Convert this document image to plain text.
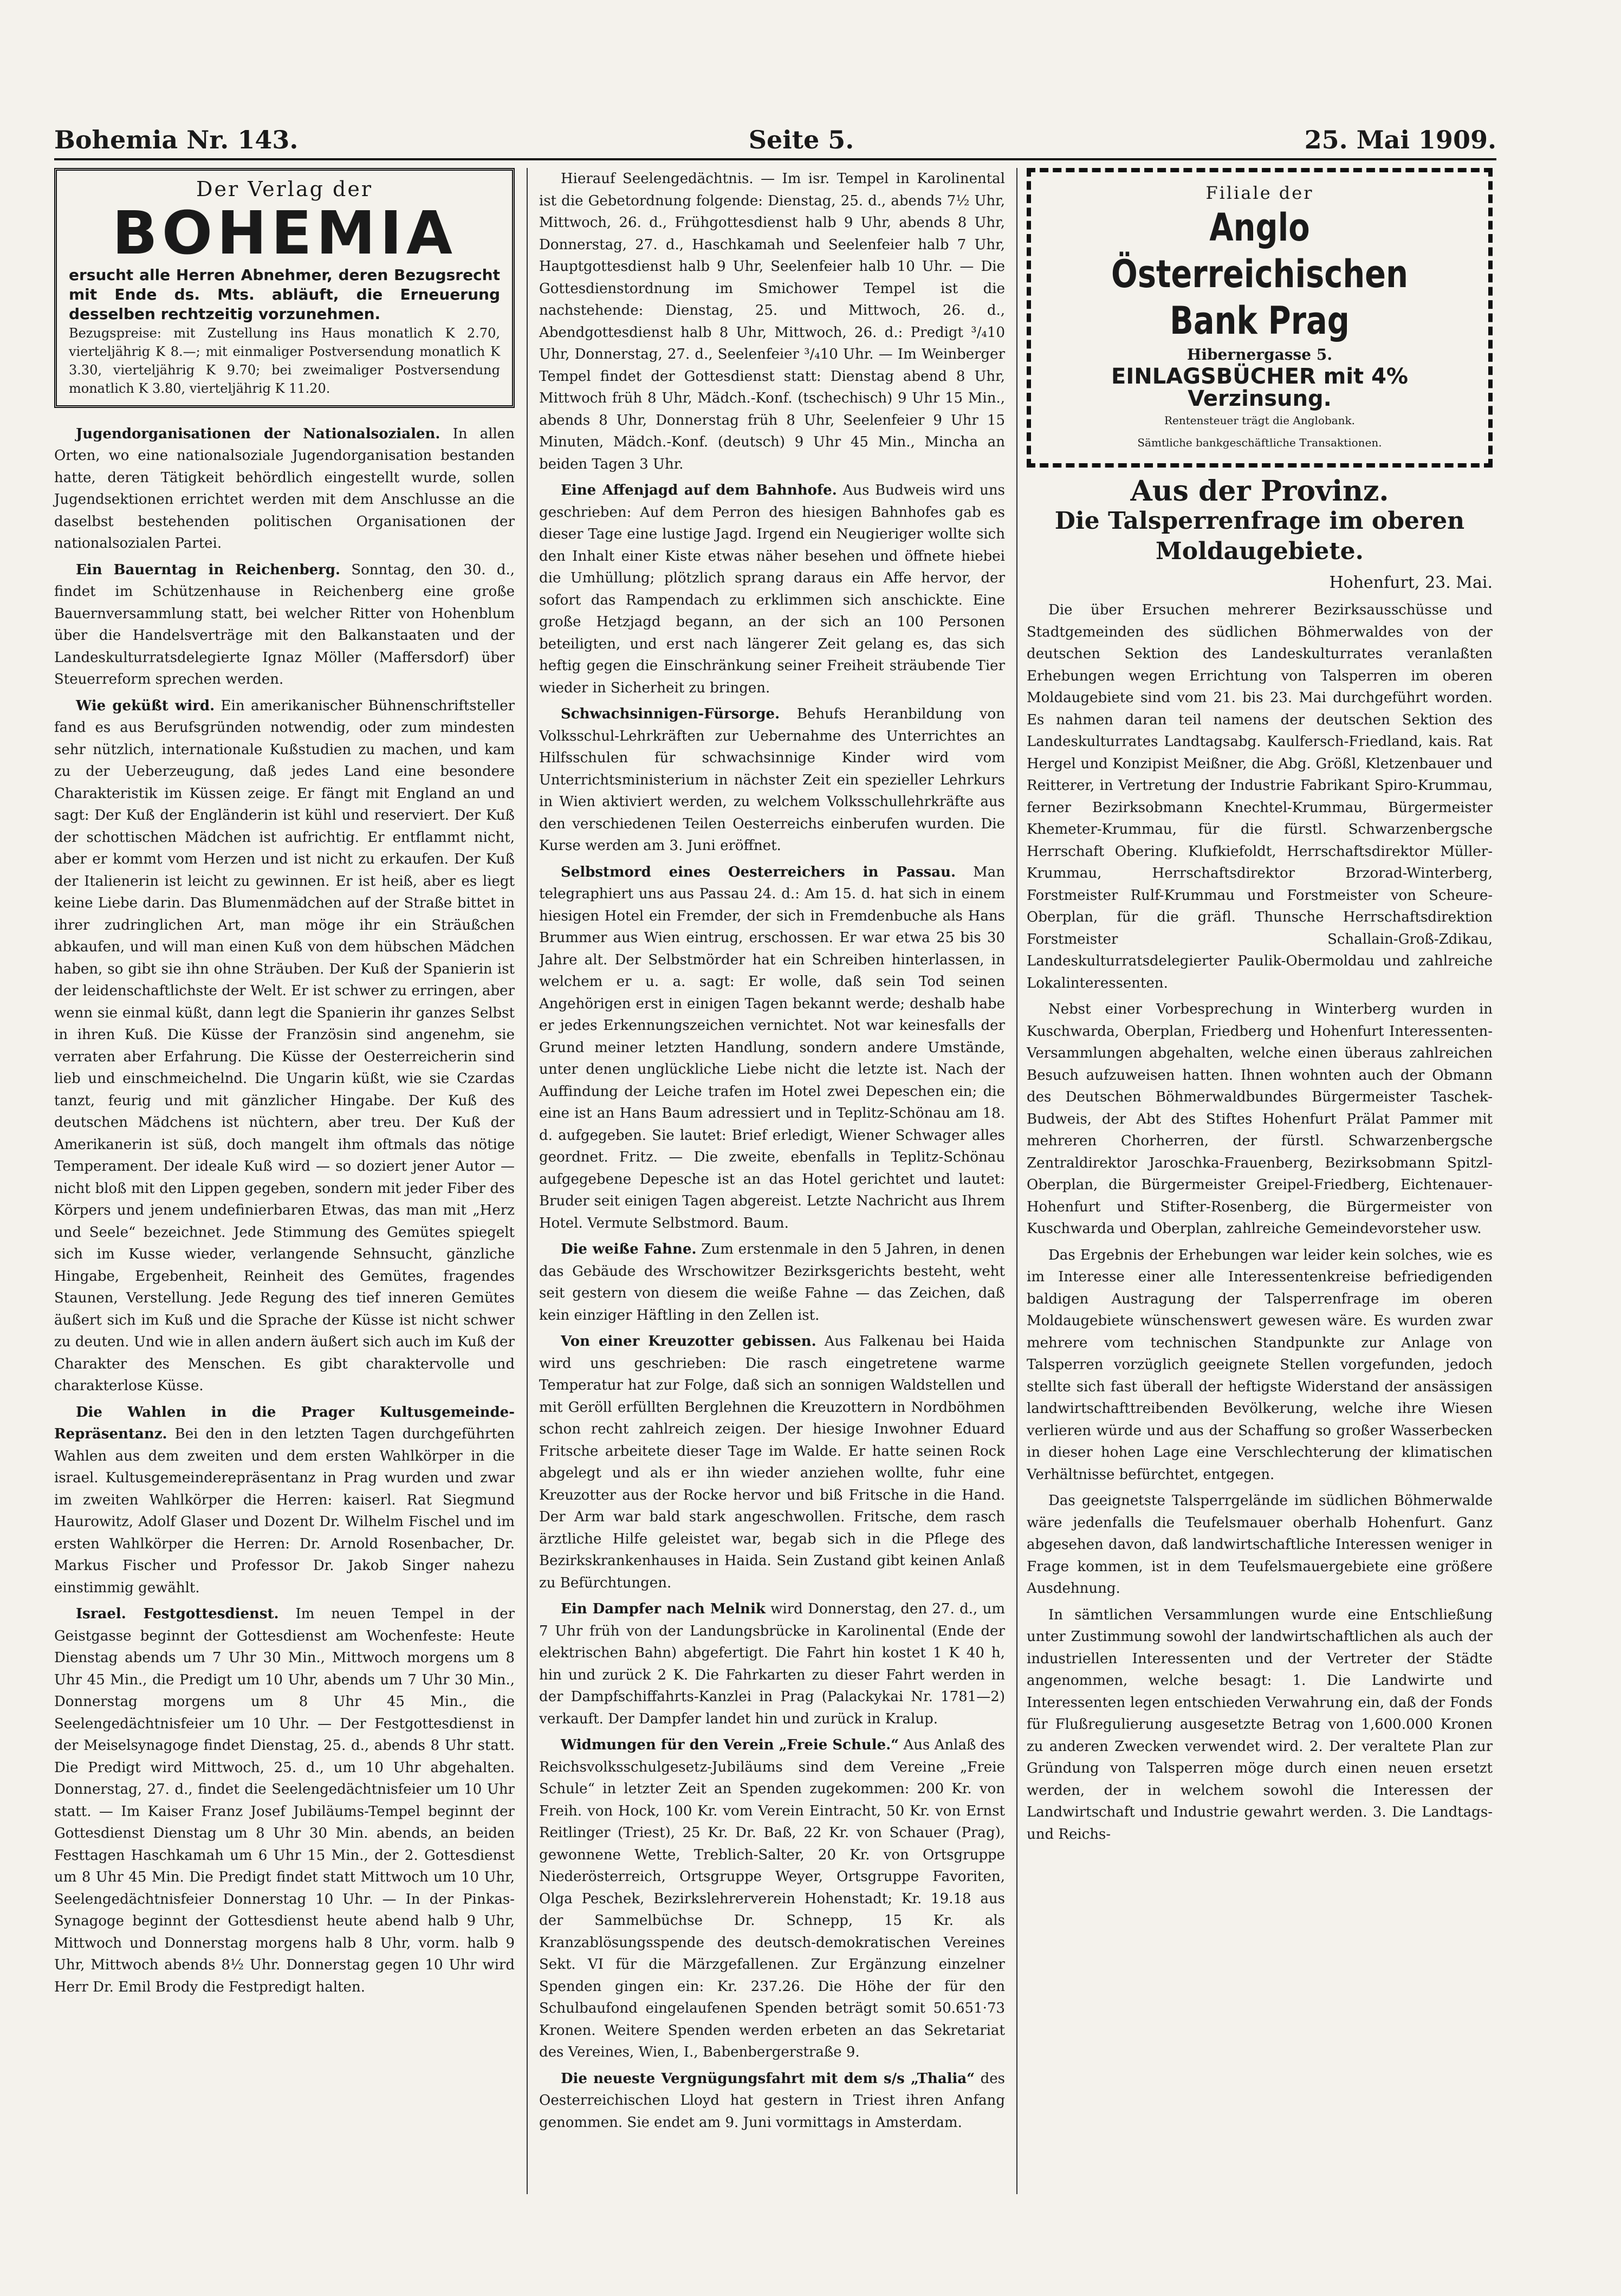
Bohemia Nr. 143.	Seite 5.	25. Mai 1909.
Der Verlag der
BOHEMIA
ersucht alle Herren Abnehmer, deren Bezugsrecht mit Ende ds. Mts. abläuft, die Erneuerung desselben rechtzeitig vorzunehmen.
Bezugspreise: mit Zustellung ins Haus monatlich K 2.70, vierteljährig K 8.—; mit einmaliger Postversendung monatlich K 3.30, vierteljährig K 9.70; bei zweimaliger Postversendung monatlich K 3.80, vierteljährig K 11.20.

Jugendorganisationen der Nationalsozialen. In allen Orten, wo eine nationalsoziale Jugendorganisation bestanden hatte, deren Tätigkeit behördlich eingestellt wurde, sollen Jugendsektionen errichtet werden mit dem Anschlusse an die daselbst bestehenden politischen Organisationen der nationalsozialen Partei.

Ein Bauerntag in Reichenberg. Sonntag, den 30. d., findet im Schützenhause in Reichenberg eine große Bauernversammlung statt, bei welcher Ritter von Hohenblum über die Handelsverträge mit den Balkanstaaten und der Landeskulturratsdelegierte Ignaz Möller (Maffersdorf) über Steuerreform sprechen werden.

Wie geküßt wird. Ein amerikanischer Bühnenschriftsteller fand es aus Berufsgründen notwendig, oder zum mindesten sehr nützlich, internationale Kußstudien zu machen, und kam zu der Ueberzeugung, daß jedes Land eine besondere Charakteristik im Küssen zeige. Er fängt mit England an und sagt: Der Kuß der Engländerin ist kühl und reserviert. Der Kuß der schottischen Mädchen ist aufrichtig. Er entflammt nicht, aber er kommt vom Herzen und ist nicht zu erkaufen. Der Kuß der Italienerin ist leicht zu gewinnen. Er ist heiß, aber es liegt keine Liebe darin. Das Blumenmädchen auf der Straße bittet in ihrer zudringlichen Art, man möge ihr ein Sträußchen abkaufen, und will man einen Kuß von dem hübschen Mädchen haben, so gibt sie ihn ohne Sträuben. Der Kuß der Spanierin ist der leidenschaftlichste der Welt. Er ist schwer zu erringen, aber wenn sie einmal küßt, dann legt die Spanierin ihr ganzes Selbst in ihren Kuß. Die Küsse der Französin sind angenehm, sie verraten aber Erfahrung. Die Küsse der Oesterreicherin sind lieb und einschmeichelnd. Die Ungarin küßt, wie sie Czardas tanzt, feurig und mit gänzlicher Hingabe. Der Kuß des deutschen Mädchens ist nüchtern, aber treu. Der Kuß der Amerikanerin ist süß, doch mangelt ihm oftmals das nötige Temperament. Der ideale Kuß wird — so doziert jener Autor — nicht bloß mit den Lippen gegeben, sondern mit jeder Fiber des Körpers und jenem undefinierbaren Etwas, das man mit „Herz und Seele“ bezeichnet. Jede Stimmung des Gemütes spiegelt sich im Kusse wieder, verlangende Sehnsucht, gänzliche Hingabe, Ergebenheit, Reinheit des Gemütes, fragendes Staunen, Verstellung. Jede Regung des tief inneren Gemütes äußert sich im Kuß und die Sprache der Küsse ist nicht schwer zu deuten. Und wie in allen andern äußert sich auch im Kuß der Charakter des Menschen. Es gibt charaktervolle und charakterlose Küsse.

Die Wahlen in die Prager Kultusgemeinde-Repräsentanz. Bei den in den letzten Tagen durchgeführten Wahlen aus dem zweiten und dem ersten Wahlkörper in die israel. Kultusgemeinderepräsentanz in Prag wurden und zwar im zweiten Wahlkörper die Herren: kaiserl. Rat Siegmund Haurowitz, Adolf Glaser und Dozent Dr. Wilhelm Fischel und im ersten Wahlkörper die Herren: Dr. Arnold Rosenbacher, Dr. Markus Fischer und Professor Dr. Jakob Singer nahezu einstimmig gewählt.

Israel. Festgottesdienst. Im neuen Tempel in der Geistgasse beginnt der Gottesdienst am Wochenfeste: Heute Dienstag abends um 7 Uhr 30 Min., Mittwoch morgens um 8 Uhr 45 Min., die Predigt um 10 Uhr, abends um 7 Uhr 30 Min., Donnerstag morgens um 8 Uhr 45 Min., die Seelengedächtnisfeier um 10 Uhr. — Der Festgottesdienst in der Meiselsynagoge findet Dienstag, 25. d., abends 8 Uhr statt. Die Predigt wird Mittwoch, 25. d., um 10 Uhr abgehalten. Donnerstag, 27. d., findet die Seelengedächtnisfeier um 10 Uhr statt. — Im Kaiser Franz Josef Jubiläums-Tempel beginnt der Gottesdienst Dienstag um 8 Uhr 30 Min. abends, an beiden Festtagen Haschkamah um 6 Uhr 15 Min., der 2. Gottesdienst um 8 Uhr 45 Min. Die Predigt findet statt Mittwoch um 10 Uhr, Seelengedächtnisfeier Donnerstag 10 Uhr. — In der Pinkas-Synagoge beginnt der Gottesdienst heute abend halb 9 Uhr, Mittwoch und Donnerstag morgens halb 8 Uhr, vorm. halb 9 Uhr, Mittwoch abends 8½ Uhr. Donnerstag gegen 10 Uhr wird Herr Dr. Emil Brody die Festpredigt halten.

Hierauf Seelengedächtnis. — Im isr. Tempel in Karolinental ist die Gebetordnung folgende: Dienstag, 25. d., abends 7½ Uhr, Mittwoch, 26. d., Frühgottesdienst halb 9 Uhr, abends 8 Uhr, Donnerstag, 27. d., Haschkamah und Seelenfeier halb 7 Uhr, Hauptgottesdienst halb 9 Uhr, Seelenfeier halb 10 Uhr. — Die Gottesdienstordnung im Smichower Tempel ist die nachstehende: Dienstag, 25. und Mittwoch, 26. d., Abendgottesdienst halb 8 Uhr, Mittwoch, 26. d.: Predigt ³/₄10 Uhr, Donnerstag, 27. d., Seelenfeier ³/₄10 Uhr. — Im Weinberger Tempel findet der Gottesdienst statt: Dienstag abend 8 Uhr, Mittwoch früh 8 Uhr, Mädch.-Konf. (tschechisch) 9 Uhr 15 Min., abends 8 Uhr, Donnerstag früh 8 Uhr, Seelenfeier 9 Uhr 15 Minuten, Mädch.-Konf. (deutsch) 9 Uhr 45 Min., Mincha an beiden Tagen 3 Uhr.

Eine Affenjagd auf dem Bahnhofe. Aus Budweis wird uns geschrieben: Auf dem Perron des hiesigen Bahnhofes gab es dieser Tage eine lustige Jagd. Irgend ein Neugieriger wollte sich den Inhalt einer Kiste etwas näher besehen und öffnete hiebei die Umhüllung; plötzlich sprang daraus ein Affe hervor, der sofort das Rampendach zu erklimmen sich anschickte. Eine große Hetzjagd begann, an der sich an 100 Personen beteiligten, und erst nach längerer Zeit gelang es, das sich heftig gegen die Einschränkung seiner Freiheit sträubende Tier wieder in Sicherheit zu bringen.

Schwachsinnigen-Fürsorge. Behufs Heranbildung von Volksschul-Lehrkräften zur Uebernahme des Unterrichtes an Hilfsschulen für schwachsinnige Kinder wird vom Unterrichtsministerium in nächster Zeit ein spezieller Lehrkurs in Wien aktiviert werden, zu welchem Volksschullehrkräfte aus den verschiedenen Teilen Oesterreichs einberufen wurden. Die Kurse werden am 3. Juni eröffnet.

Selbstmord eines Oesterreichers in Passau. Man telegraphiert uns aus Passau 24. d.: Am 15. d. hat sich in einem hiesigen Hotel ein Fremder, der sich in Fremdenbuche als Hans Brummer aus Wien eintrug, erschossen. Er war etwa 25 bis 30 Jahre alt. Der Selbstmörder hat ein Schreiben hinterlassen, in welchem er u. a. sagt: Er wolle, daß sein Tod seinen Angehörigen erst in einigen Tagen bekannt werde; deshalb habe er jedes Erkennungszeichen vernichtet. Not war keinesfalls der Grund meiner letzten Handlung, sondern andere Umstände, unter denen unglückliche Liebe nicht die letzte ist. Nach der Auffindung der Leiche trafen im Hotel zwei Depeschen ein; die eine ist an Hans Baum adressiert und in Teplitz-Schönau am 18. d. aufgegeben. Sie lautet: Brief erledigt, Wiener Schwager alles geordnet. Fritz. — Die zweite, ebenfalls in Teplitz-Schönau aufgegebene Depesche ist an das Hotel gerichtet und lautet: Bruder seit einigen Tagen abgereist. Letzte Nachricht aus Ihrem Hotel. Vermute Selbstmord. Baum.

Die weiße Fahne. Zum erstenmale in den 5 Jahren, in denen das Gebäude des Wrschowitzer Bezirksgerichts besteht, weht seit gestern von diesem die weiße Fahne — das Zeichen, daß kein einziger Häftling in den Zellen ist.

Von einer Kreuzotter gebissen. Aus Falkenau bei Haida wird uns geschrieben: Die rasch eingetretene warme Temperatur hat zur Folge, daß sich an sonnigen Waldstellen und mit Geröll erfüllten Berglehnen die Kreuzottern in Nordböhmen schon recht zahlreich zeigen. Der hiesige Inwohner Eduard Fritsche arbeitete dieser Tage im Walde. Er hatte seinen Rock abgelegt und als er ihn wieder anziehen wollte, fuhr eine Kreuzotter aus der Rocke hervor und biß Fritsche in die Hand. Der Arm war bald stark angeschwollen. Fritsche, dem rasch ärztliche Hilfe geleistet war, begab sich in die Pflege des Bezirkskrankenhauses in Haida. Sein Zustand gibt keinen Anlaß zu Befürchtungen.

Ein Dampfer nach Melnik wird Donnerstag, den 27. d., um 7 Uhr früh von der Landungsbrücke in Karolinental (Ende der elektrischen Bahn) abgefertigt. Die Fahrt hin kostet 1 K 40 h, hin und zurück 2 K. Die Fahrkarten zu dieser Fahrt werden in der Dampfschiffahrts-Kanzlei in Prag (Palackykai Nr. 1781—2) verkauft. Der Dampfer landet hin und zurück in Kralup.

Widmungen für den Verein „Freie Schule.“ Aus Anlaß des Reichsvolksschulgesetz-Jubiläums sind dem Vereine „Freie Schule“ in letzter Zeit an Spenden zugekommen: 200 Kr. von Freih. von Hock, 100 Kr. vom Verein Eintracht, 50 Kr. von Ernst Reitlinger (Triest), 25 Kr. Dr. Baß, 22 Kr. von Schauer (Prag), gewonnene Wette, Treblich-Salter, 20 Kr. von Ortsgruppe Niederösterreich, Ortsgruppe Weyer, Ortsgruppe Favoriten, Olga Peschek, Bezirkslehrerverein Hohenstadt; Kr. 19.18 aus der Sammelbüchse Dr. Schnepp, 15 Kr. als Kranzablösungsspende des deutsch-demokratischen Vereines Sekt. VI für die Märzgefallenen. Zur Ergänzung einzelner Spenden gingen ein: Kr. 237.26. Die Höhe der für den Schulbaufond eingelaufenen Spenden beträgt somit 50.651·73 Kronen. Weitere Spenden werden erbeten an das Sekretariat des Vereines, Wien, I., Babenbergerstraße 9.

Die neueste Vergnügungsfahrt mit dem s/s „Thalia“ des Oesterreichischen Lloyd hat gestern in Triest ihren Anfang genommen. Sie endet am 9. Juni vormittags in Amsterdam.

Filiale der
Anglo Österreichischen Bank Prag
Hibernergasse 5.
EINLAGSBÜCHER mit 4% Verzinsung.
Rentensteuer trägt die Anglobank.
Sämtliche bankgeschäftliche Transaktionen.
Aus der Provinz.
Die Talsperrenfrage im oberen Moldaugebiete.
Hohenfurt, 23. Mai.

Die über Ersuchen mehrerer Bezirksausschüsse und Stadtgemeinden des südlichen Böhmerwaldes von der deutschen Sektion des Landeskulturrates veranlaßten Erhebungen wegen Errichtung von Talsperren im oberen Moldaugebiete sind vom 21. bis 23. Mai durchgeführt worden. Es nahmen daran teil namens der deutschen Sektion des Landeskulturrates Landtagsabg. Kaulfersch-Friedland, kais. Rat Hergel und Konzipist Meißner, die Abg. Größl, Kletzenbauer und Reitterer, in Vertretung der Industrie Fabrikant Spiro-Krummau, ferner Bezirksobmann Knechtel-Krummau, Bürgermeister Khemeter-Krummau, für die fürstl. Schwarzenbergsche Herrschaft Obering. Klufkiefoldt, Herrschaftsdirektor Müller-Krummau, Herrschaftsdirektor Brzorad-Winterberg, Forstmeister Rulf-Krummau und Forstmeister von Scheure-Oberplan, für die gräfl. Thunsche Herrschaftsdirektion Forstmeister Schallain-Groß-Zdikau, Landeskulturratsdelegierter Paulik-Obermoldau und zahlreiche Lokalinteressenten.

Nebst einer Vorbesprechung in Winterberg wurden in Kuschwarda, Oberplan, Friedberg und Hohenfurt Interessenten-Versammlungen abgehalten, welche einen überaus zahlreichen Besuch aufzuweisen hatten. Ihnen wohnten auch der Obmann des Deutschen Böhmerwaldbundes Bürgermeister Taschek-Budweis, der Abt des Stiftes Hohenfurt Prälat Pammer mit mehreren Chorherren, der fürstl. Schwarzenbergsche Zentraldirektor Jaroschka-Frauenberg, Bezirksobmann Spitzl-Oberplan, die Bürgermeister Greipel-Friedberg, Eichtenauer-Hohenfurt und Stifter-Rosenberg, die Bürgermeister von Kuschwarda und Oberplan, zahlreiche Gemeindevorsteher usw.

Das Ergebnis der Erhebungen war leider kein solches, wie es im Interesse einer alle Interessentenkreise befriedigenden baldigen Austragung der Talsperrenfrage im oberen Moldaugebiete wünschenswert gewesen wäre. Es wurden zwar mehrere vom technischen Standpunkte zur Anlage von Talsperren vorzüglich geeignete Stellen vorgefunden, jedoch stellte sich fast überall der heftigste Widerstand der ansässigen landwirtschafttreibenden Bevölkerung, welche ihre Wiesen verlieren würde und aus der Schaffung so großer Wasserbecken in dieser hohen Lage eine Verschlechterung der klimatischen Verhältnisse befürchtet, entgegen.

Das geeignetste Talsperrgelände im südlichen Böhmerwalde wäre jedenfalls die Teufelsmauer oberhalb Hohenfurt. Ganz abgesehen davon, daß landwirtschaftliche Interessen weniger in Frage kommen, ist in dem Teufelsmauergebiete eine größere Ausdehnung.

In sämtlichen Versammlungen wurde eine Entschließung unter Zustimmung sowohl der landwirtschaftlichen als auch der industriellen Interessenten und der Vertreter der Städte angenommen, welche besagt: 1. Die Landwirte und Interessenten legen entschieden Verwahrung ein, daß der Fonds für Flußregulierung ausgesetzte Betrag von 1,600.000 Kronen zu anderen Zwecken verwendet wird. 2. Der veraltete Plan zur Gründung von Talsperren möge durch einen neuen ersetzt werden, der in welchem sowohl die Interessen der Landwirtschaft und Industrie gewahrt werden. 3. Die Landtags- und Reichs-
